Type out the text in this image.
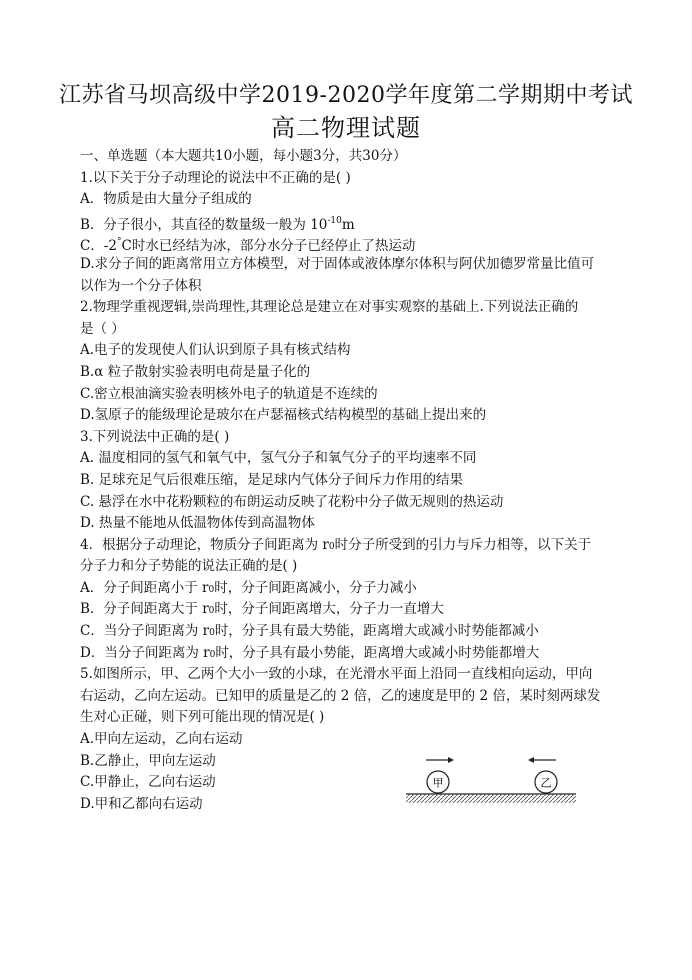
江苏省马坝高级中学2019-2020学年度第二学期期中考试
高二物理试题
一、单选题（本大题共10小题，每小题3分，共30分）
1.以下关于分子动理论的说法中不正确的是( )
A．物质是由大量分子组成的
B．分子很小，其直径的数量级一般为 $10^{-10}m$
C．-2°C时水已经结为冰，部分水分子已经停止了热运动
D.求分子间的距离常用立方体模型，对于固体或液体摩尔体积与阿伏加德罗常量比值可
以作为一个分子体积
2.物理学重视逻辑,崇尚理性,其理论总是建立在对事实观察的基础上.下列说法正确的
是（ ）
A.电子的发现使人们认识到原子具有核式结构
B.α 粒子散射实验表明电荷是量子化的
C.密立根油滴实验表明核外电子的轨道是不连续的
D.氢原子的能级理论是玻尔在卢瑟福核式结构模型的基础上提出来的
3.下列说法中正确的是( )
A. 温度相同的氢气和氧气中，氢气分子和氧气分子的平均速率不同
B. 足球充足气后很难压缩，是足球内气体分子间斥力作用的结果
C. 悬浮在水中花粉颗粒的布朗运动反映了花粉中分子做无规则的热运动
D. 热量不能地从低温物体传到高温物体
4．根据分子动理论，物质分子间距离为 r0时分子所受到的引力与斥力相等，以下关于
分子力和分子势能的说法正确的是( )
A．分子间距离小于 r0时，分子间距离减小，分子力减小
B．分子间距离大于 r0时，分子间距离增大，分子力一直增大
C．当分子间距离为 r0时，分子具有最大势能，距离增大或减小时势能都减小
D．当分子间距离为 r0时，分子具有最小势能，距离增大或减小时势能都增大
5.如图所示，甲、乙两个大小一致的小球，在光滑水平面上沿同一直线相向运动，甲向
右运动，乙向左运动。已知甲的质量是乙的 2 倍，乙的速度是甲的 2 倍，某时刻两球发
生对心正碰，则下列可能出现的情况是( )
A.甲向左运动，乙向右运动
B.乙静止，甲向左运动
C.甲静止，乙向右运动
D.甲和乙都向右运动
甲	乙
